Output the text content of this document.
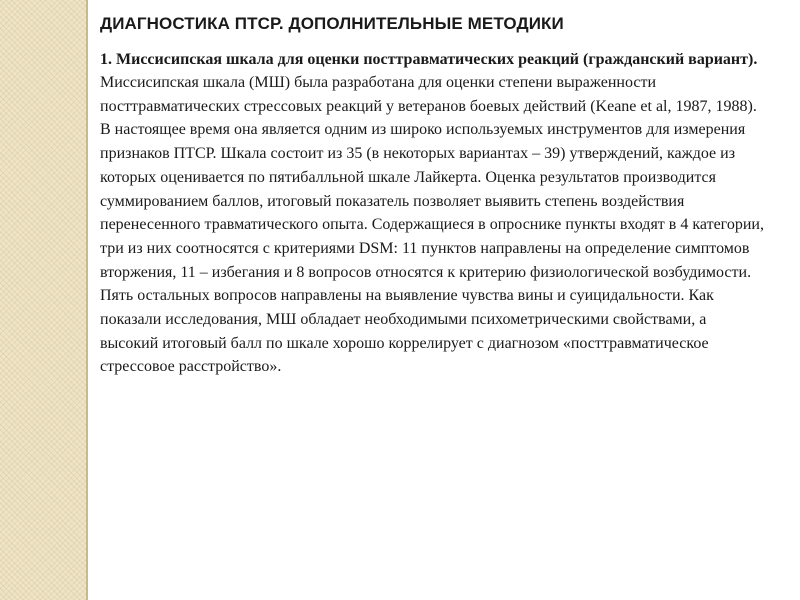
ДИАГНОСТИКА ПТСР. ДОПОЛНИТЕЛЬНЫЕ МЕТОДИКИ

1. Миссисипская шкала для оценки посттравматических реакций (гражданский вариант).

Миссисипская шкала (МШ) была разработана для оценки степени выраженности посттравматических стрессовых реакций у ветеранов боевых действий (Keane et al, 1987, 1988). В настоящее время она является одним из широко используемых инструментов для измерения признаков ПТСР. Шкала состоит из 35 (в некоторых вариантах – 39) утверждений, каждое из которых оценивается по пятибалльной шкале Лайкерта. Оценка результатов производится суммированием баллов, итоговый показатель позволяет выявить степень воздействия перенесенного травматического опыта. Содержащиеся в опроснике пункты входят в 4 категории, три из них соотносятся с критериями DSM: 11 пунктов направлены на определение симптомов вторжения, 11 – избегания и 8 вопросов относятся к критерию физиологической возбудимости. Пять остальных вопросов направлены на выявление чувства вины и суицидальности. Как показали исследования, МШ обладает необходимыми психометрическими свойствами, а высокий итоговый балл по шкале хорошо коррелирует с диагнозом «посттравматическое стрессовое расстройство».
